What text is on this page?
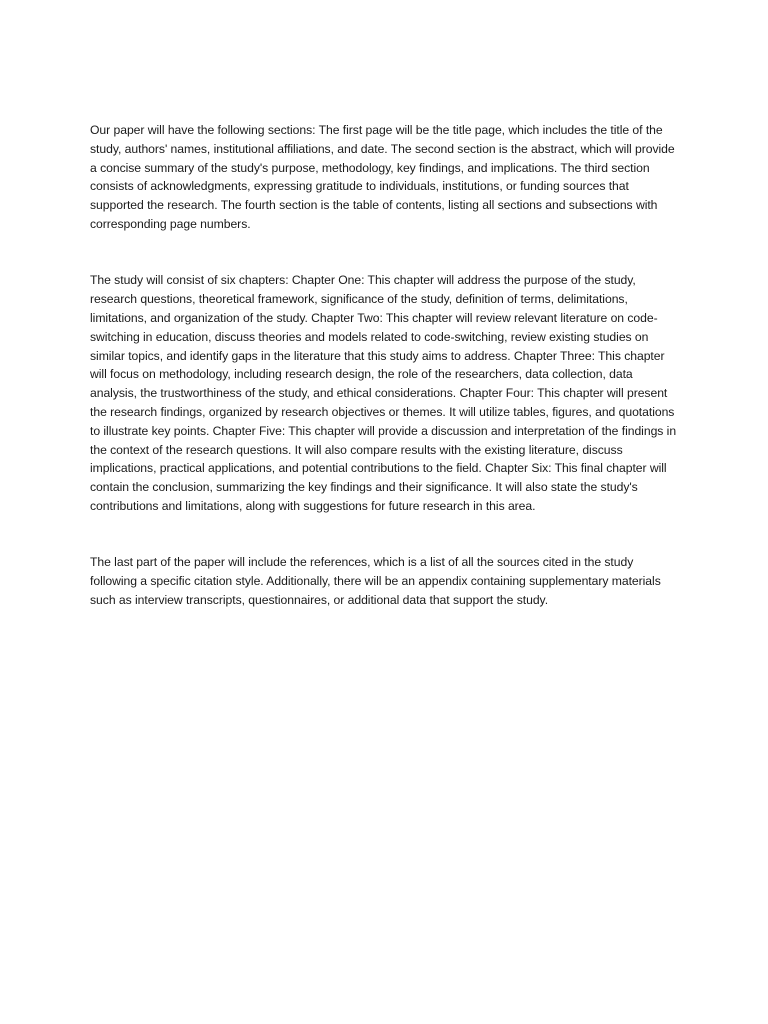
Our paper will have the following sections: The first page will be the title page, which includes the title of the study, authors' names, institutional affiliations, and date. The second section is the abstract, which will provide a concise summary of the study's purpose, methodology, key findings, and implications. The third section consists of acknowledgments, expressing gratitude to individuals, institutions, or funding sources that supported the research. The fourth section is the table of contents, listing all sections and subsections with corresponding page numbers.

The study will consist of six chapters: Chapter One: This chapter will address the purpose of the study, research questions, theoretical framework, significance of the study, definition of terms, delimitations, limitations, and organization of the study. Chapter Two: This chapter will review relevant literature on code-switching in education, discuss theories and models related to code-switching, review existing studies on similar topics, and identify gaps in the literature that this study aims to address. Chapter Three: This chapter will focus on methodology, including research design, the role of the researchers, data collection, data analysis, the trustworthiness of the study, and ethical considerations. Chapter Four: This chapter will present the research findings, organized by research objectives or themes. It will utilize tables, figures, and quotations to illustrate key points. Chapter Five: This chapter will provide a discussion and interpretation of the findings in the context of the research questions. It will also compare results with the existing literature, discuss implications, practical applications, and potential contributions to the field. Chapter Six: This final chapter will contain the conclusion, summarizing the key findings and their significance. It will also state the study's contributions and limitations, along with suggestions for future research in this area.

The last part of the paper will include the references, which is a list of all the sources cited in the study following a specific citation style. Additionally, there will be an appendix containing supplementary materials such as interview transcripts, questionnaires, or additional data that support the study.
